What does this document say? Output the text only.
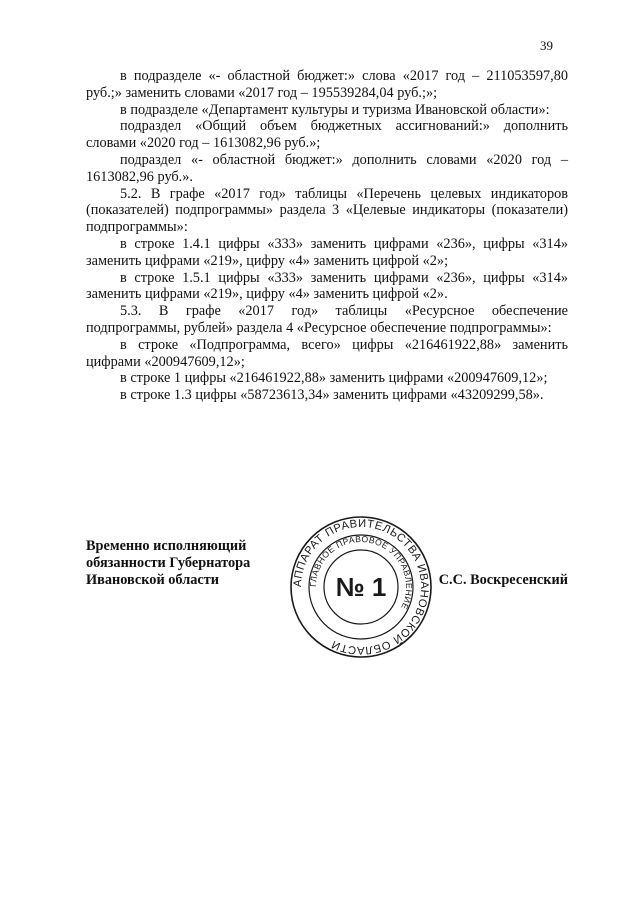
39

в подразделе «- областной бюджет:» слова «2017 год – 211053597,80 руб.;» заменить словами «2017 год – 195539284,04 руб.;»;

в подразделе «Департамент культуры и туризма Ивановской области»:

подраздел «Общий объем бюджетных ассигнований:» дополнить словами «2020 год – 1613082,96 руб.»;

подраздел «- областной бюджет:» дополнить словами «2020 год – 1613082,96 руб.».

5.2. В графе «2017 год» таблицы «Перечень целевых индикаторов (показателей) подпрограммы» раздела 3 «Целевые индикаторы (показатели) подпрограммы»:

в строке 1.4.1 цифры «333» заменить цифрами «236», цифры «314» заменить цифрами «219», цифру «4» заменить цифрой «2»;

в строке 1.5.1 цифры «333» заменить цифрами «236», цифры «314» заменить цифрами «219», цифру «4» заменить цифрой «2».

5.3. В графе «2017 год» таблицы «Ресурсное обеспечение подпрограммы, рублей» раздела 4 «Ресурсное обеспечение подпрограммы»:

в строке «Подпрограмма, всего» цифры «216461922,88» заменить цифрами «200947609,12»;

в строке 1 цифры «216461922,88» заменить цифрами «200947609,12»;

в строке 1.3 цифры «58723613,34» заменить цифрами «43209299,58».

Временно исполняющий
обязанности Губернатора
Ивановской области	АППАРАТ ПРАВИТЕЛЬСТВА ИВАНОВСКОЙ ОБЛАСТИ
ГЛАВНОЕ ПРАВОВОЕ УПРАВЛЕНИЕ
№ 1	С.С. Воскресенский
